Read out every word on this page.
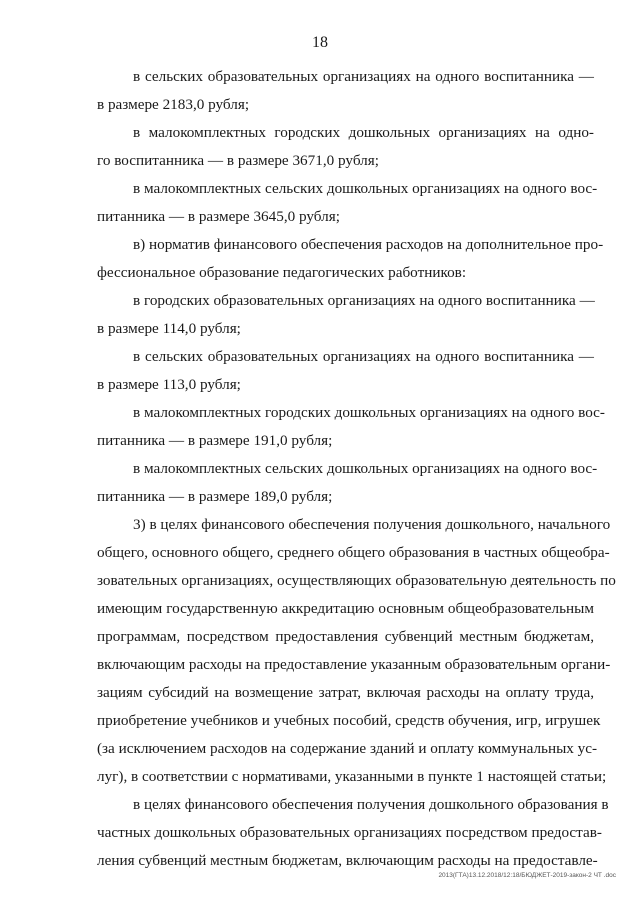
18
в сельских образовательных организациях на одного воспитанника —
в размере 2183,0 рубля;
в малокомплектных городских дошкольных организациях на одно-
го воспитанника — в размере 3671,0 рубля;
в малокомплектных сельских дошкольных организациях на одного вос-
питанника — в размере 3645,0 рубля;
в) норматив финансового обеспечения расходов на дополнительное про-
фессиональное образование педагогических работников:
в городских образовательных организациях на одного воспитанника —
в размере 114,0 рубля;
в сельских образовательных организациях на одного воспитанника —
в размере 113,0 рубля;
в малокомплектных городских дошкольных организациях на одного вос-
питанника — в размере 191,0 рубля;
в малокомплектных сельских дошкольных организациях на одного вос-
питанника — в размере 189,0 рубля;
3) в целях финансового обеспечения получения дошкольного, начального
общего, основного общего, среднего общего образования в частных общеобра-
зовательных организациях, осуществляющих образовательную деятельность по
имеющим государственную аккредитацию основным общеобразовательным
программам, посредством предоставления субвенций местным бюджетам,
включающим расходы на предоставление указанным образовательным органи-
зациям субсидий на возмещение затрат, включая расходы на оплату труда,
приобретение учебников и учебных пособий, средств обучения, игр, игрушек
(за исключением расходов на содержание зданий и оплату коммунальных ус-
луг), в соответствии с нормативами, указанными в пункте 1 настоящей статьи;
в целях финансового обеспечения получения дошкольного образования в
частных дошкольных образовательных организациях посредством предостав-
ления субвенций местным бюджетам, включающим расходы на предоставле-
2013(ГТА)13.12.2018/12:18/БЮДЖЕТ-2019-закон-2 ЧТ .doc
